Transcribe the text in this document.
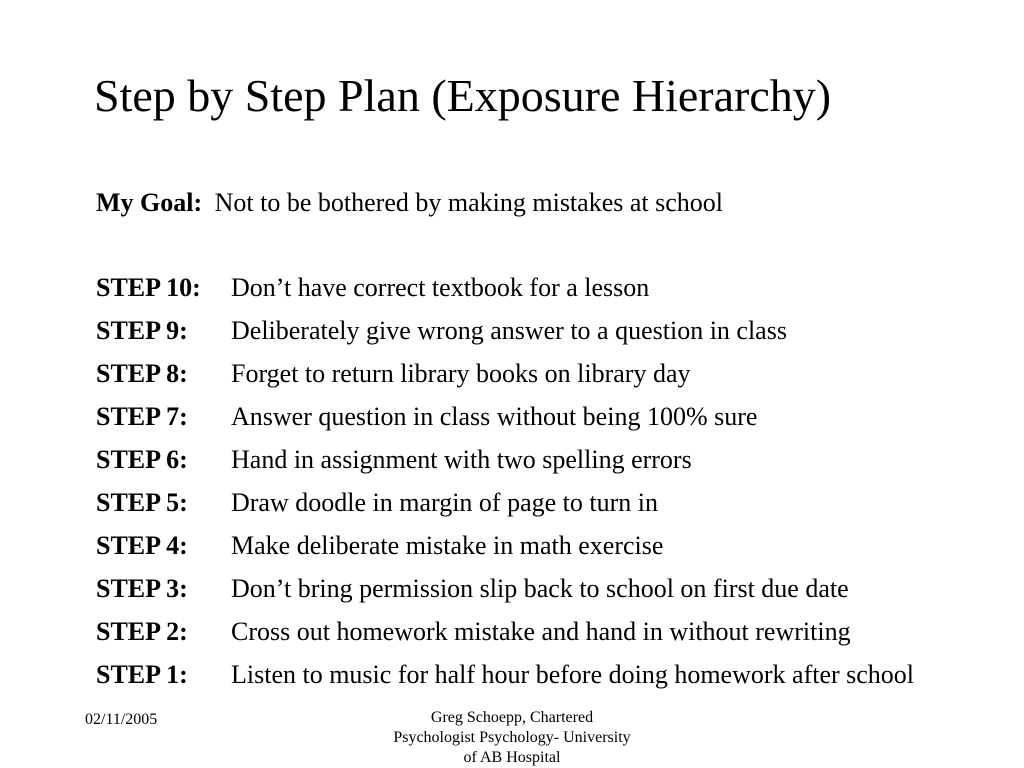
Step by Step Plan (Exposure Hierarchy)
My Goal: Not to be bothered by making mistakes at school
STEP 10:	Don’t have correct textbook for a lesson
STEP 9:	Deliberately give wrong answer to a question in class
STEP 8:	Forget to return library books on library day
STEP 7:	Answer question in class without being 100% sure
STEP 6:	Hand in assignment with two spelling errors
STEP 5:	Draw doodle in margin of page to turn in
STEP 4:	Make deliberate mistake in math exercise
STEP 3:	Don’t bring permission slip back to school on first due date
STEP 2:	Cross out homework mistake and hand in without rewriting
STEP 1:	Listen to music for half hour before doing homework after school
02/11/2005	Greg Schoepp, Chartered Psychologist Psychology- University of AB Hospital
